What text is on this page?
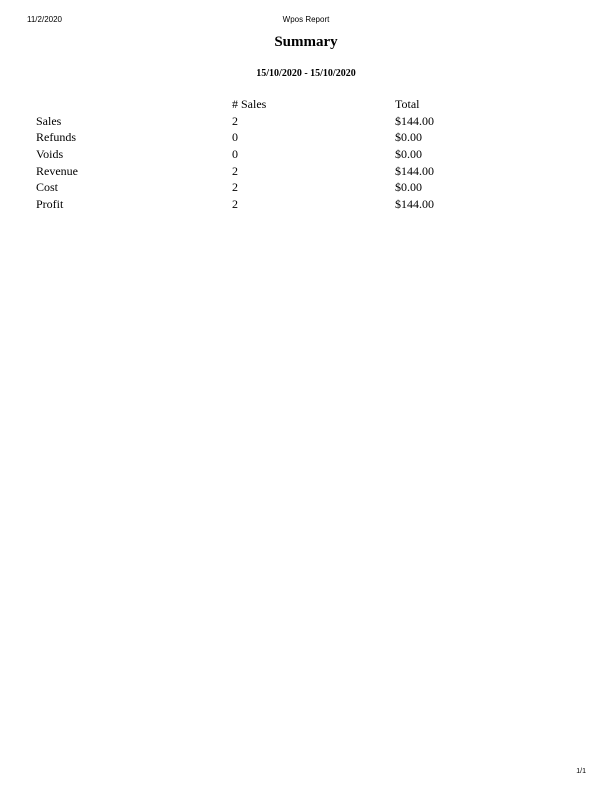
11/2/2020	Wpos Report
Summary
15/10/2020 - 15/10/2020
	# Sales	Total
Sales	2	$144.00
Refunds	0	$0.00
Voids	0	$0.00
Revenue	2	$144.00
Cost	2	$0.00
Profit	2	$144.00
1/1
